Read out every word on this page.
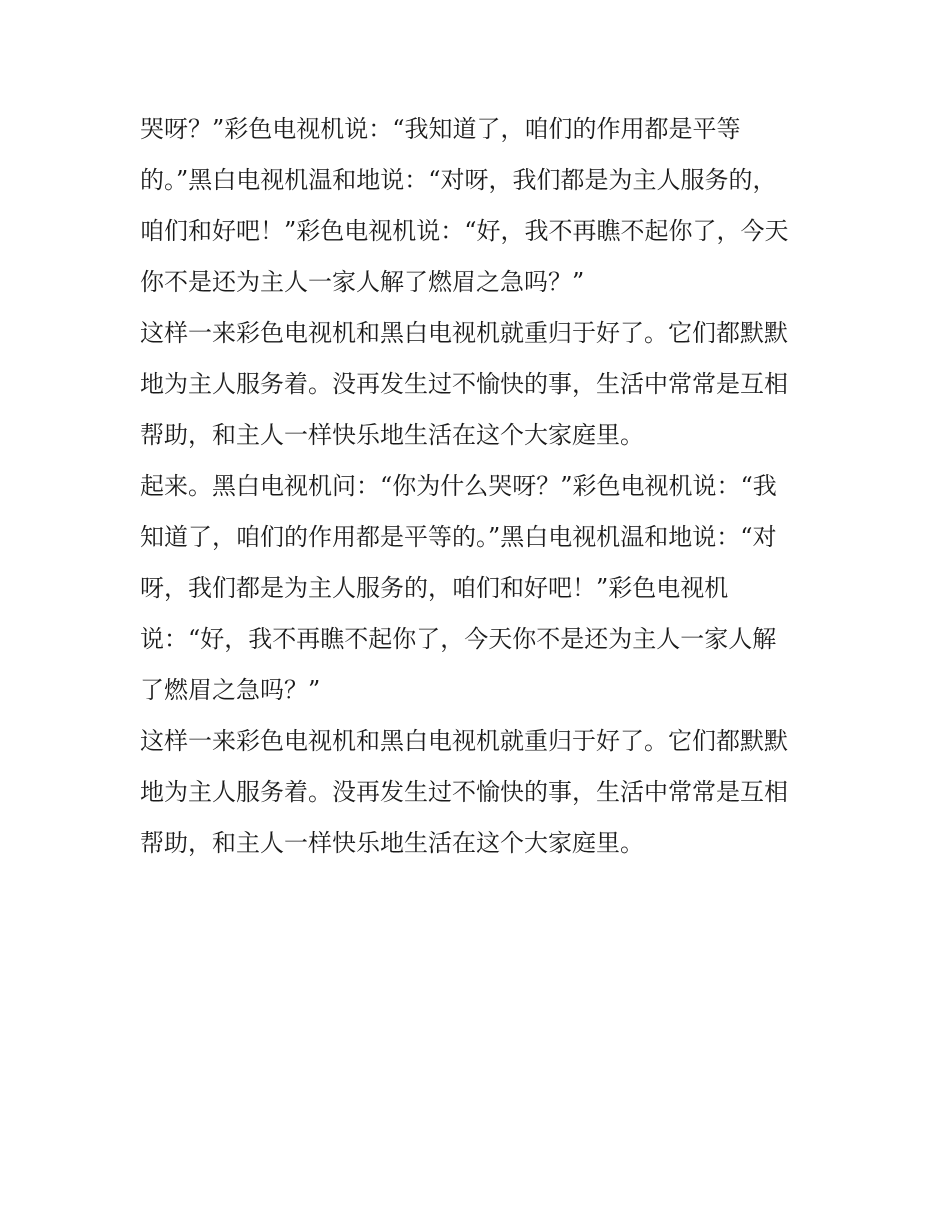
哭呀？”彩色电视机说：“我知道了，咱们的作用都是平等
的。”黑白电视机温和地说：“对呀，我们都是为主人服务的，
咱们和好吧！”彩色电视机说：“好，我不再瞧不起你了，今天
你不是还为主人一家人解了燃眉之急吗？”
这样一来彩色电视机和黑白电视机就重归于好了。它们都默默
地为主人服务着。没再发生过不愉快的事，生活中常常是互相
帮助，和主人一样快乐地生活在这个大家庭里。
起来。黑白电视机问：“你为什么哭呀？”彩色电视机说：“我
知道了，咱们的作用都是平等的。”黑白电视机温和地说：“对
呀，我们都是为主人服务的，咱们和好吧！”彩色电视机
说：“好，我不再瞧不起你了，今天你不是还为主人一家人解
了燃眉之急吗？”
这样一来彩色电视机和黑白电视机就重归于好了。它们都默默
地为主人服务着。没再发生过不愉快的事，生活中常常是互相
帮助，和主人一样快乐地生活在这个大家庭里。
